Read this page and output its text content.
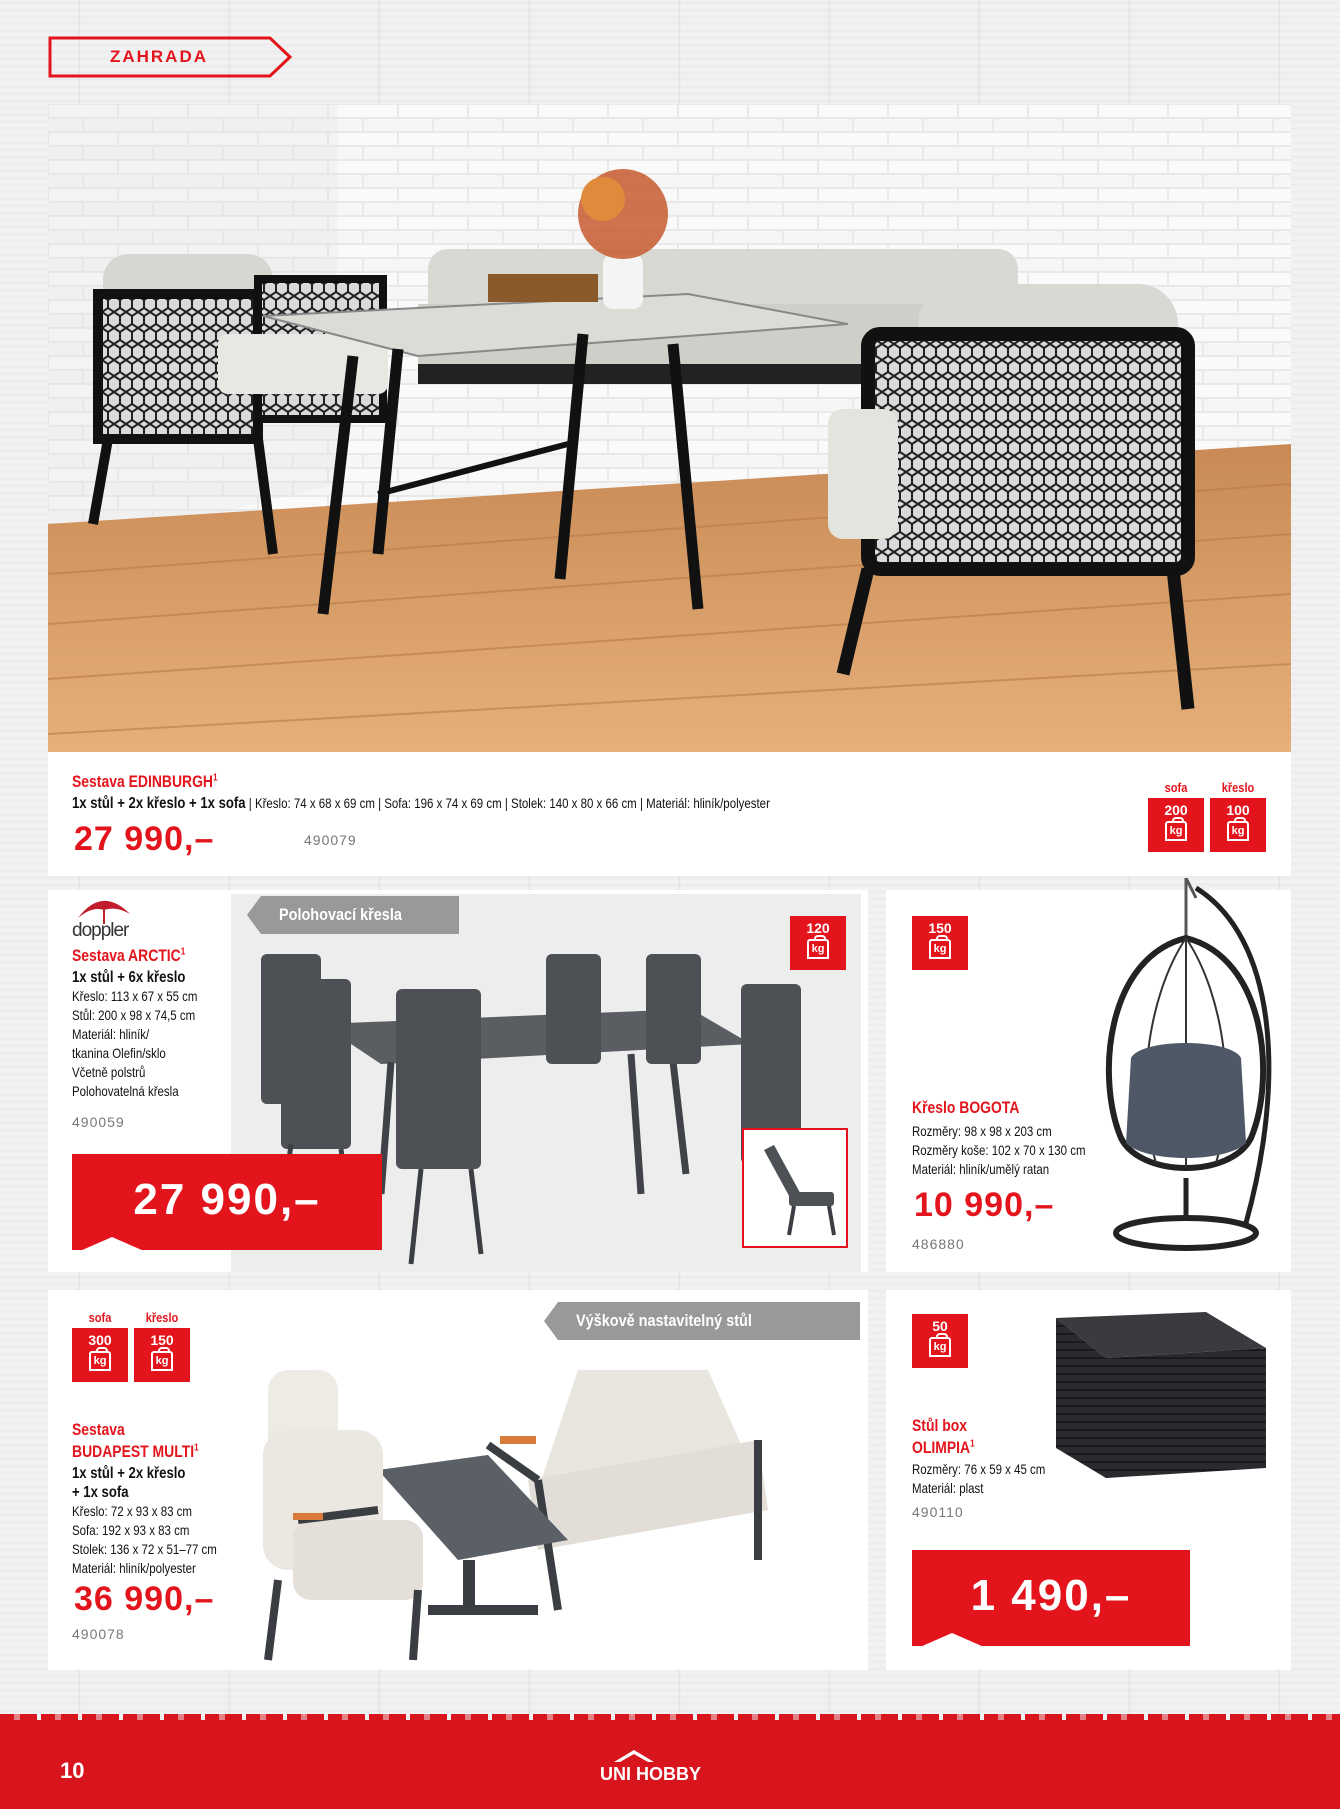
ZAHRADA
Sestava EDINBURGH$^1$
1x stůl + 2x křeslo + 1x sofa | Křeslo: 74 x 68 x 69 cm | Sofa: 196 x 74 x 69 cm | Stolek: 140 x 80 x 66 cm | Materiál: hliník/polyester
27 990,–	490079
sofa
200
kg
křeslo
100
kg
doppler
Sestava ARCTIC$^1$
1x stůl + 6x křeslo
Křeslo: 113 x 67 x 55 cm
Stůl: 200 x 98 x 74,5 cm
Materiál: hliník/
tkanina Olefin/sklo
Včetně polstrů
Polohovatelná křesla
490059
Polohovací křesla
120
kg
27 990,–
150
kg
Křeslo BOGOTA
Rozměry: 98 x 98 x 203 cm
Rozměry koše: 102 x 70 x 130 cm
Materiál: hliník/umělý ratan
10 990,–
486880
sofa
300
kg
křeslo
150
kg
Sestava
BUDAPEST MULTI$^1$
1x stůl + 2x křeslo
+ 1x sofa
Křeslo: 72 x 93 x 83 cm
Sofa: 192 x 93 x 83 cm
Stolek: 136 x 72 x 51–77 cm
Materiál: hliník/polyester
36 990,–
490078
Výškově nastavitelný stůl	50
kg
Stůl box
OLIMPIA$^1$
Rozměry: 76 x 59 x 45 cm
Materiál: plast
490110
1 490,–
10	UNI HOBBY
